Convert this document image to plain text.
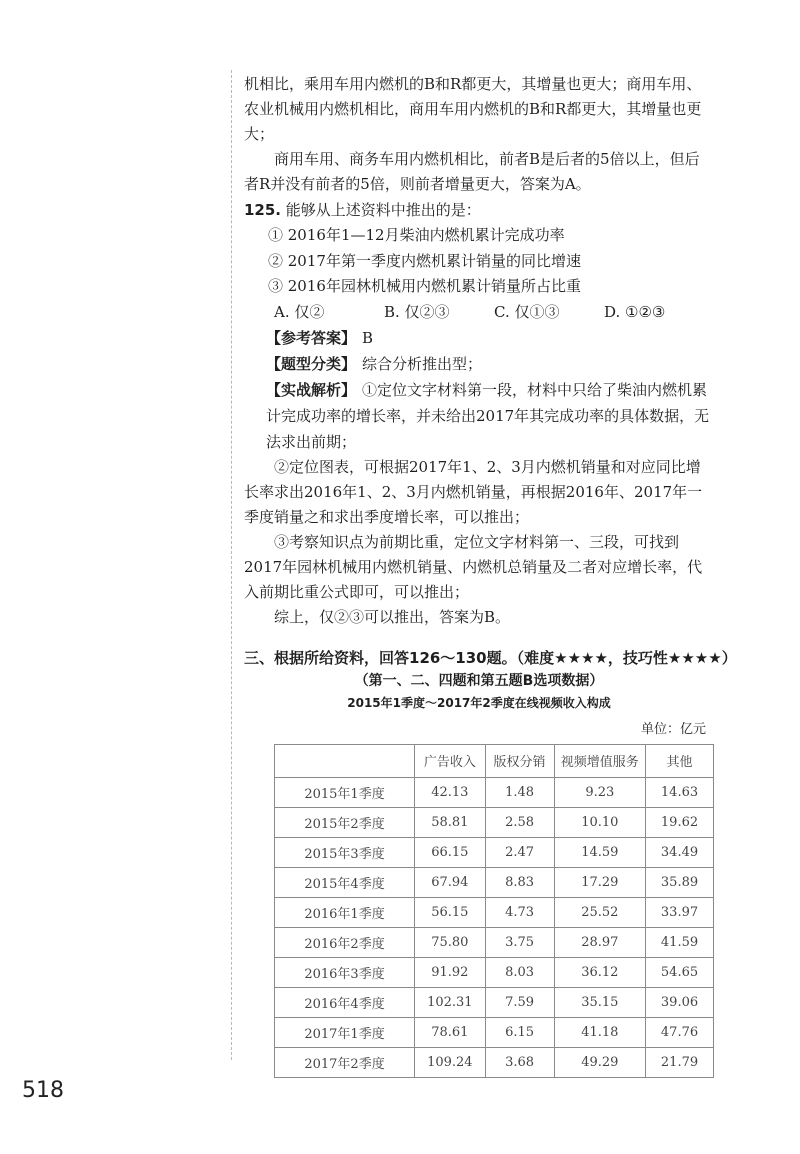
机相比，乘用车用内燃机的B和R都更大，其增量也更大；商用车用、农业机械用内燃机相比，商用车用内燃机的B和R都更大，其增量也更大；

商用车用、商务车用内燃机相比，前者B是后者的5倍以上，但后者R并没有前者的5倍，则前者增量更大，答案为A。

125. 能够从上述资料中推出的是：

① 2016年1—12月柴油内燃机累计完成功率

② 2017年第一季度内燃机累计销量的同比增速

③ 2016年园林机械用内燃机累计销量所占比重

A. 仅②	B. 仅②③	C. 仅①③	D. ①②③

【参考答案】 B

【题型分类】 综合分析推出型；

【实战解析】 ①定位文字材料第一段，材料中只给了柴油内燃机累计完成功率的增长率，并未给出2017年其完成功率的具体数据，无法求出前期；

②定位图表，可根据2017年1、2、3月内燃机销量和对应同比增长率求出2016年1、2、3月内燃机销量，再根据2016年、2017年一季度销量之和求出季度增长率，可以推出；

③考察知识点为前期比重，定位文字材料第一、三段，可找到2017年园林机械用内燃机销量、内燃机总销量及二者对应增长率，代入前期比重公式即可，可以推出；

综上，仅②③可以推出，答案为B。

三、根据所给资料，回答126～130题。（难度★★★★，技巧性★★★★）

（第一、二、四题和第五题B选项数据）

2015年1季度～2017年2季度在线视频收入构成

单位：亿元

	广告收入	版权分销	视频增值服务	其他
2015年1季度	42.13	1.48	9.23	14.63
2015年2季度	58.81	2.58	10.10	19.62
2015年3季度	66.15	2.47	14.59	34.49
2015年4季度	67.94	8.83	17.29	35.89
2016年1季度	56.15	4.73	25.52	33.97
2016年2季度	75.80	3.75	28.97	41.59
2016年3季度	91.92	8.03	36.12	54.65
2016年4季度	102.31	7.59	35.15	39.06
2017年1季度	78.61	6.15	41.18	47.76
2017年2季度	109.24	3.68	49.29	21.79
518
